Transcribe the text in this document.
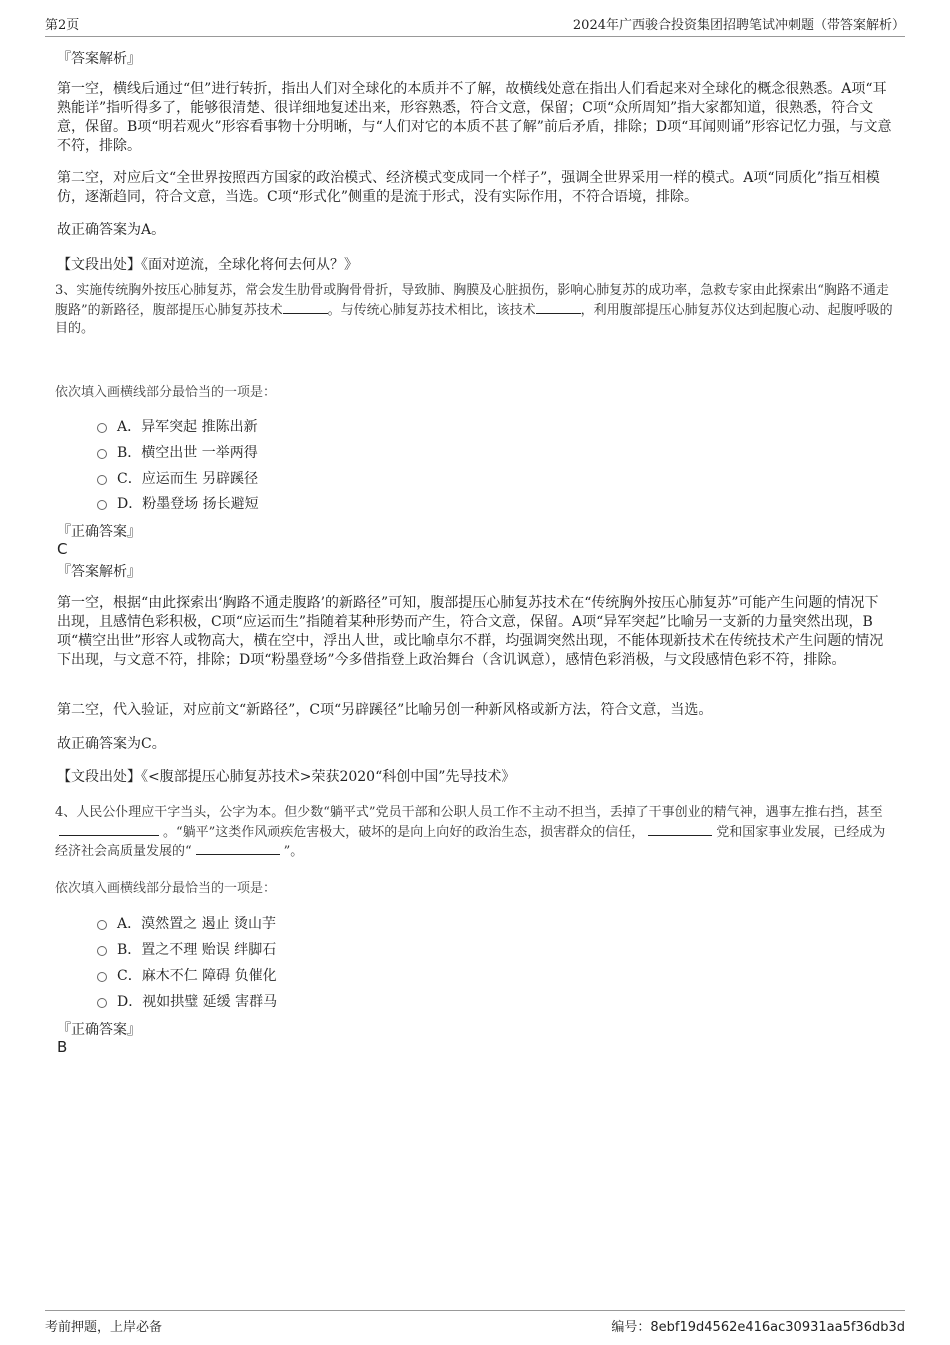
第2页	2024年广西骏合投资集团招聘笔试冲刺题（带答案解析）
『答案解析』
第一空，横线后通过“但”进行转折，指出人们对全球化的本质并不了解，故横线处意在指出人们看起来对全球化的概念很熟悉。A项“耳熟能详”指听得多了，能够很清楚、很详细地复述出来，形容熟悉，符合文意，保留；C项“众所周知”指大家都知道，很熟悉，符合文意，保留。B项“明若观火”形容看事物十分明晰，与“人们对它的本质不甚了解”前后矛盾，排除；D项“耳闻则诵”形容记忆力强，与文意不符，排除。
第二空，对应后文“全世界按照西方国家的政治模式、经济模式变成同一个样子”，强调全世界采用一样的模式。A项“同质化”指互相模仿，逐渐趋同，符合文意，当选。C项“形式化”侧重的是流于形式，没有实际作用，不符合语境，排除。
故正确答案为A。
【文段出处】《面对逆流，全球化将何去何从？》
3、实施传统胸外按压心肺复苏，常会发生肋骨或胸骨骨折，导致肺、胸膜及心脏损伤，影响心肺复苏的成功率，急救专家由此探索出“胸路不通走腹路”的新路径，腹部提压心肺复苏技术	。与传统心肺复苏技术相比，该技术	，利用腹部提压心肺复苏仪达到起腹心动、起腹呼吸的目的。
依次填入画横线部分最恰当的一项是：
A．异军突起 推陈出新
B．横空出世 一举两得
C．应运而生 另辟蹊径
D．粉墨登场 扬长避短
『正确答案』
C
『答案解析』
第一空，根据“由此探索出‘胸路不通走腹路’的新路径”可知，腹部提压心肺复苏技术在“传统胸外按压心肺复苏”可能产生问题的情况下出现，且感情色彩积极，C项“应运而生”指随着某种形势而产生，符合文意，保留。A项“异军突起”比喻另一支新的力量突然出现，B项“横空出世”形容人或物高大，横在空中，浮出人世，或比喻卓尔不群，均强调突然出现，不能体现新技术在传统技术产生问题的情况下出现，与文意不符，排除；D项“粉墨登场”今多借指登上政治舞台（含讥讽意），感情色彩消极，与文段感情色彩不符，排除。
第二空，代入验证，对应前文“新路径”，C项“另辟蹊径”比喻另创一种新风格或新方法，符合文意，当选。
故正确答案为C。
【文段出处】《<腹部提压心肺复苏技术>荣获2020“科创中国”先导技术》
4、人民公仆理应干字当头，公字为本。但少数“躺平式”党员干部和公职人员工作不主动不担当，丢掉了干事创业的精气神，遇事左推右挡，甚至。“躺平”这类作风顽疾危害极大，破坏的是向上向好的政治生态，损害群众的信任，	党和国家事业发展，已经成为经济社会高质量发展的“	”。
依次填入画横线部分最恰当的一项是：
A．漠然置之 遏止 烫山芋
B．置之不理 贻误 绊脚石
C．麻木不仁 障碍 负催化
D．视如拱璧 延缓 害群马
『正确答案』
B
考前押题，上岸必备	编号：8ebf19d4562e416ac30931aa5f36db3d
